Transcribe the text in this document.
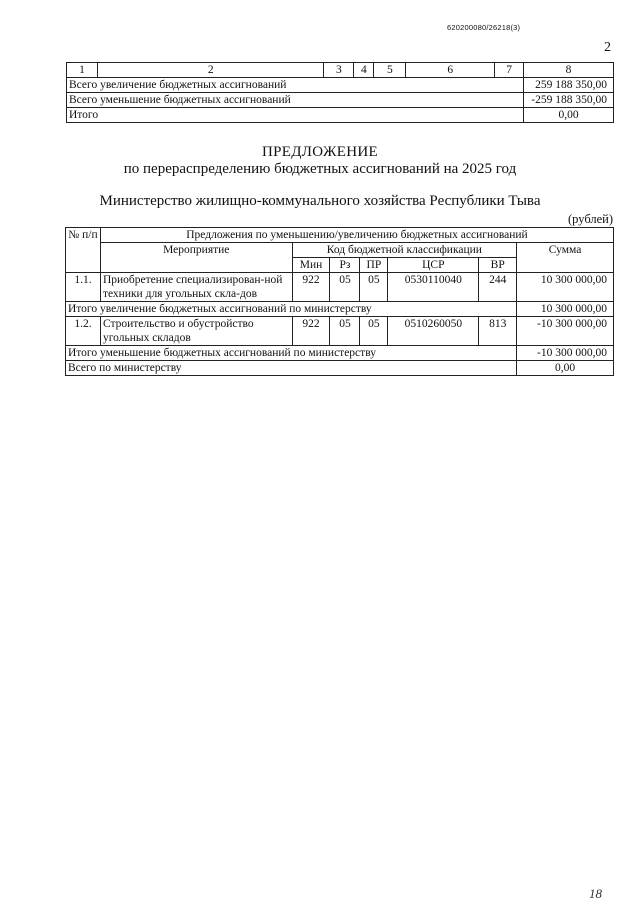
620200080/26218(3)
2
1	2	3	4	5	6	7	8
Всего увеличение бюджетных ассигнований							259 188 350,00
Всего уменьшение бюджетных ассигнований							-259 188 350,00
Итого							0,00
ПРЕДЛОЖЕНИЕ
по перераспределению бюджетных ассигнований на 2025 год
Министерство жилищно-коммунального хозяйства Республики Тыва
(рублей)
№ п/п	Предложения по уменьшению/увеличению бюджетных ассигнований						
	Мероприятие	Код бюджетной классификации					Сумма
		Мин	Рз	ПР	ЦСР	ВР	
1.1.	Приобретение специализирован-ной техники для угольных скла-дов	922	05	05	0530110040	244	10 300 000,00
Итого увеличение бюджетных ассигнований по министерству							10 300 000,00
1.2.	Строительство и обустройство угольных складов	922	05	05	0510260050	813	-10 300 000,00
Итого уменьшение бюджетных ассигнований по министерству							-10 300 000,00
Всего по министерству							0,00
18
